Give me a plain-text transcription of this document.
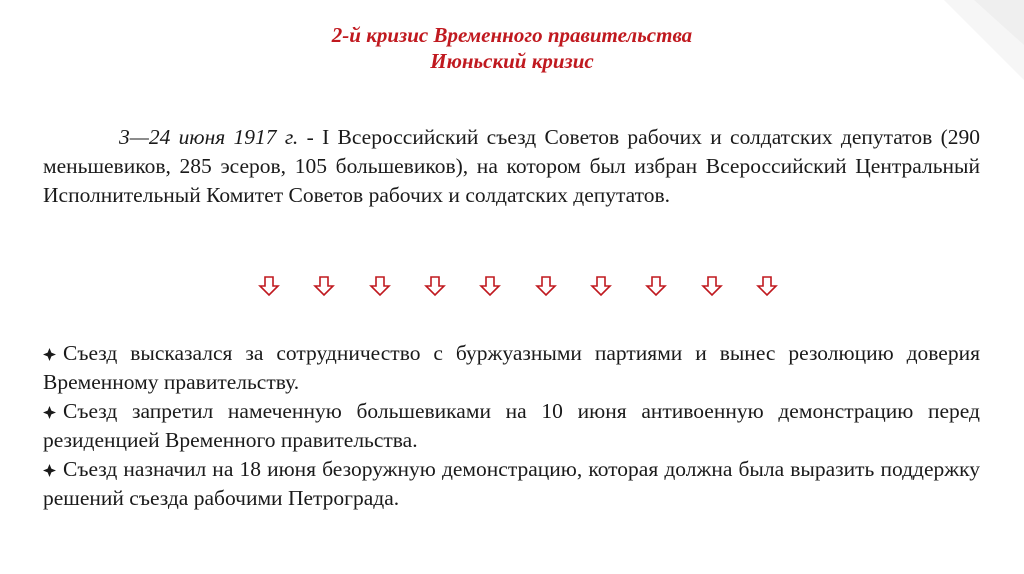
2-й кризис Временного правительства
Июньский кризис

3—24 июня 1917 г. - I Всероссийский съезд Советов рабочих и солдатских депутатов (290 меньшевиков, 285 эсеров, 105 большевиков), на котором был избран Всероссийский Центральный Исполнительный Комитет Советов рабочих и солдатских депутатов.

Съезд высказался за сотрудничество с буржуазными партиями и вынес резолюцию доверия Временному правительству.

Съезд запретил намеченную большевиками на 10 июня антивоенную демонстрацию перед резиденцией Временного правительства.

Съезд назначил на 18 июня безоружную демонстрацию, которая должна была выразить поддержку решений съезда рабочими Петрограда.
